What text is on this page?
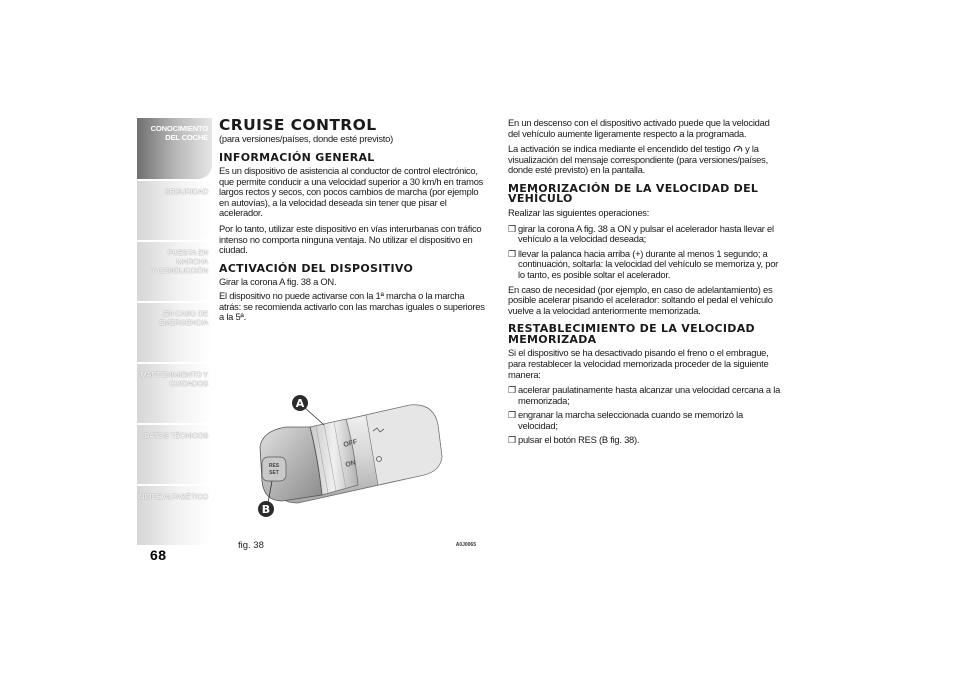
CONOCIMIENTO
DEL COCHE
SEGURIDAD
PUESTA EN MARCHA
Y CONDUCCIÓN
EN CASO DE
EMERGENCIA
MANTENIMIENTO Y
CUIDADOS
DATOS TÉCNICOS
ÍNDICE ALFABÉTICO
68
CRUISE CONTROL

(para versiones/países, donde esté previsto)

INFORMACIÓN GENERAL

Es un dispositivo de asistencia al conductor de control electrónico, que permite conducir a una velocidad superior a 30 km/h en tramos largos rectos y secos, con pocos cambios de marcha (por ejemplo en autovías), a la velocidad deseada sin tener que pisar el acelerador.

Por lo tanto, utilizar este dispositivo en vías interurbanas con tráfico intenso no comporta ninguna ventaja. No utilizar el dispositivo en ciudad.

ACTIVACIÓN DEL DISPOSITIVO

Girar la corona A fig. 38 a ON.

El dispositivo no puede activarse con la 1ª marcha o la marcha atrás: se recomienda activarlo con las marchas iguales o superiores a la 5ª.

RES
SET
OFF
ON
A
B
fig. 38	A0J0065

En un descenso con el dispositivo activado puede que la velocidad del vehículo aumente ligeramente respecto a la programada.

La activación se indica mediante el encendido del testigo y la visualización del mensaje correspondiente (para versiones/países, donde esté previsto) en la pantalla.

MEMORIZACIÓN DE LA VELOCIDAD DEL VEHÍCULO

Realizar las siguientes operaciones:

❒ girar la corona A fig. 38 a ON y pulsar el acelerador hasta llevar el vehículo a la velocidad deseada;

❒ llevar la palanca hacia arriba (+) durante al menos 1 segundo; a continuación, soltarla: la velocidad del vehículo se memoriza y, por lo tanto, es posible soltar el acelerador.

En caso de necesidad (por ejemplo, en caso de adelantamiento) es posible acelerar pisando el acelerador: soltando el pedal el vehículo vuelve a la velocidad anteriormente memorizada.

RESTABLECIMIENTO DE LA VELOCIDAD MEMORIZADA

Si el dispositivo se ha desactivado pisando el freno o el embrague, para restablecer la velocidad memorizada proceder de la siguiente manera:

❒ acelerar paulatinamente hasta alcanzar una velocidad cercana a la memorizada;

❒ engranar la marcha seleccionada cuando se memorizó la velocidad;

❒ pulsar el botón RES (B fig. 38).
